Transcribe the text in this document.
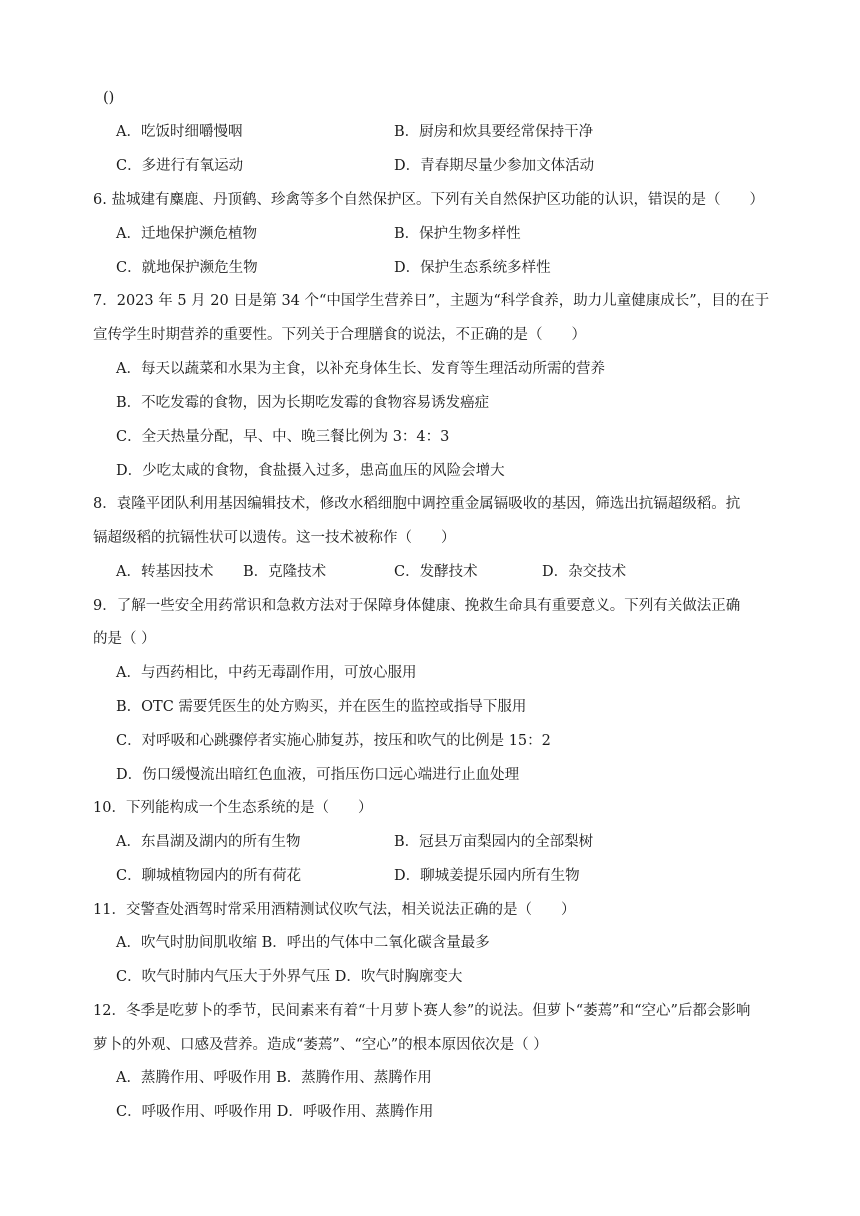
()
A．吃饭时细嚼慢咽	B．厨房和炊具要经常保持干净
C．多进行有氧运动	D．青春期尽量少参加文体活动
6. 盐城建有麋鹿、丹顶鹤、珍禽等多个自然保护区。下列有关自然保护区功能的认识，错误的是（　　）
A．迁地保护濒危植物	B．保护生物多样性
C．就地保护濒危生物	D．保护生态系统多样性
7．2023 年 5 月 20 日是第 34 个“中国学生营养日”，主题为“科学食养，助力儿童健康成长”，目的在于
宣传学生时期营养的重要性。下列关于合理膳食的说法，不正确的是（　　）
A．每天以蔬菜和水果为主食，以补充身体生长、发育等生理活动所需的营养
B．不吃发霉的食物，因为长期吃发霉的食物容易诱发癌症
C．全天热量分配，早、中、晚三餐比例为 3：4：3
D．少吃太咸的食物，食盐摄入过多，患高血压的风险会增大
8．袁隆平团队利用基因编辑技术，修改水稻细胞中调控重金属镉吸收的基因，筛选出抗镉超级稻。抗
镉超级稻的抗镉性状可以遗传。这一技术被称作（　　）
A．转基因技术 B．克隆技术	C．发酵技术	D．杂交技术
9．了解一些安全用药常识和急救方法对于保障身体健康、挽救生命具有重要意义。下列有关做法正确
的是（ ）
A．与西药相比，中药无毒副作用，可放心服用
B．OTC 需要凭医生的处方购买，并在医生的监控或指导下服用
C．对呼吸和心跳骤停者实施心肺复苏，按压和吹气的比例是 15：2
D．伤口缓慢流出暗红色血液，可指压伤口远心端进行止血处理
10．下列能构成一个生态系统的是（　　）
A．东昌湖及湖内的所有生物	B．冠县万亩梨园内的全部梨树
C．聊城植物园内的所有荷花	D．聊城姜提乐园内所有生物
11．交警查处酒驾时常采用酒精测试仪吹气法，相关说法正确的是（　　）
A．吹气时肋间肌收缩 B．呼出的气体中二氧化碳含量最多
C．吹气时肺内气压大于外界气压 D．吹气时胸廓变大
12．冬季是吃萝卜的季节，民间素来有着“十月萝卜赛人参”的说法。但萝卜“萎蔫”和“空心”后都会影响
萝卜的外观、口感及营养。造成“萎蔫”、“空心”的根本原因依次是（ ）
A．蒸腾作用、呼吸作用 B．蒸腾作用、蒸腾作用
C．呼吸作用、呼吸作用 D．呼吸作用、蒸腾作用
